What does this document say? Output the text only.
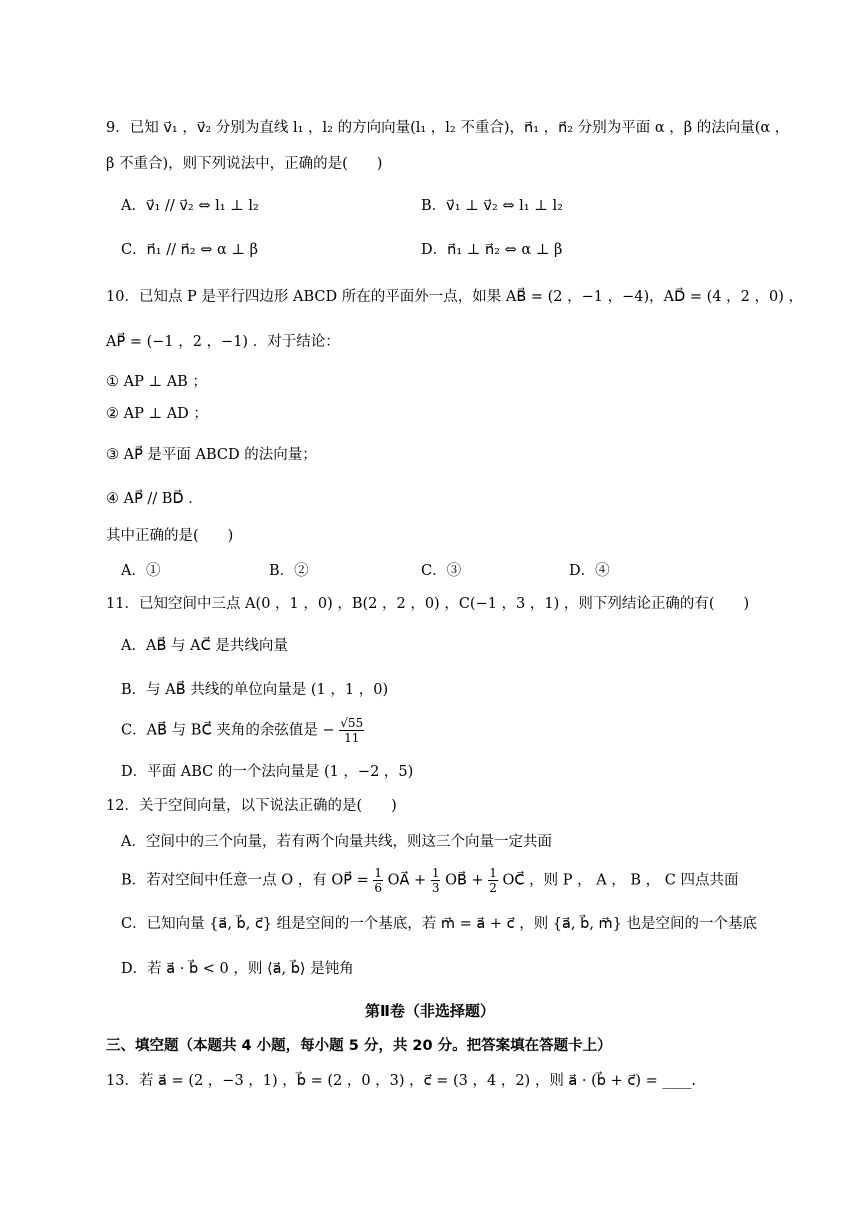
9．已知 v⃗₁ ，v⃗₂ 分别为直线 l₁ ，l₂ 的方向向量(l₁ ，l₂ 不重合)，n⃗₁ ，n⃗₂ 分别为平面 α ，β 的法向量(α ，
β 不重合)，则下列说法中，正确的是(　　)
A．v⃗₁ // v⃗₂ ⇔ l₁ ⊥ l₂	B．v⃗₁ ⊥ v⃗₂ ⇔ l₁ ⊥ l₂
C．n⃗₁ // n⃗₂ ⇔ α ⊥ β	D．n⃗₁ ⊥ n⃗₂ ⇔ α ⊥ β
10．已知点 P 是平行四边形 ABCD 所在的平面外一点，如果 AB⃗ = (2 ，−1 ，−4)，AD⃗ = (4 ，2 ，0) ，
AP⃗ = (−1 ，2 ，−1) ．对于结论：
① AP ⊥ AB ；
② AP ⊥ AD ；
③ AP⃗ 是平面 ABCD 的法向量；
④ AP⃗ // BD⃗ ．
其中正确的是(　　)
A．①	B．②	C．③	D．④
11．已知空间中三点 A(0 ，1 ，0) ，B(2 ，2 ，0) ，C(−1 ，3 ，1) ，则下列结论正确的有(　　)
A．AB⃗ 与 AC⃗ 是共线向量
B．与 AB⃗ 共线的单位向量是 (1 ，1 ，0)
C．AB⃗ 与 BC⃗ 夹角的余弦值是 − $\frac{√55}{11}$
D．平面 ABC 的一个法向量是 (1 ，−2 ，5)
12．关于空间向量，以下说法正确的是(　　)
A．空间中的三个向量，若有两个向量共线，则这三个向量一定共面
B．若对空间中任意一点 O ，有 OP⃗ = $\frac{1}{6}$ OA⃗ + $\frac{1}{3}$ OB⃗ + $\frac{1}{2}$ OC⃗ ，则 P ， A ， B ， C 四点共面
C．已知向量 {a⃗, b⃗, c⃗} 组是空间的一个基底，若 m⃗ = a⃗ + c⃗ ，则 {a⃗, b⃗, m⃗} 也是空间的一个基底
D．若 a⃗ · b⃗ < 0 ，则 ⟨a⃗, b⃗⟩ 是钝角
第Ⅱ卷（非选择题）
三、填空题（本题共 4 小题，每小题 5 分，共 20 分。把答案填在答题卡上）
13．若 a⃗ = (2 ，−3 ，1) ，b⃗ = (2 ，0 ，3) ，c⃗ = (3 ，4 ，2) ，则 a⃗ · (b⃗ + c⃗) = ____.
